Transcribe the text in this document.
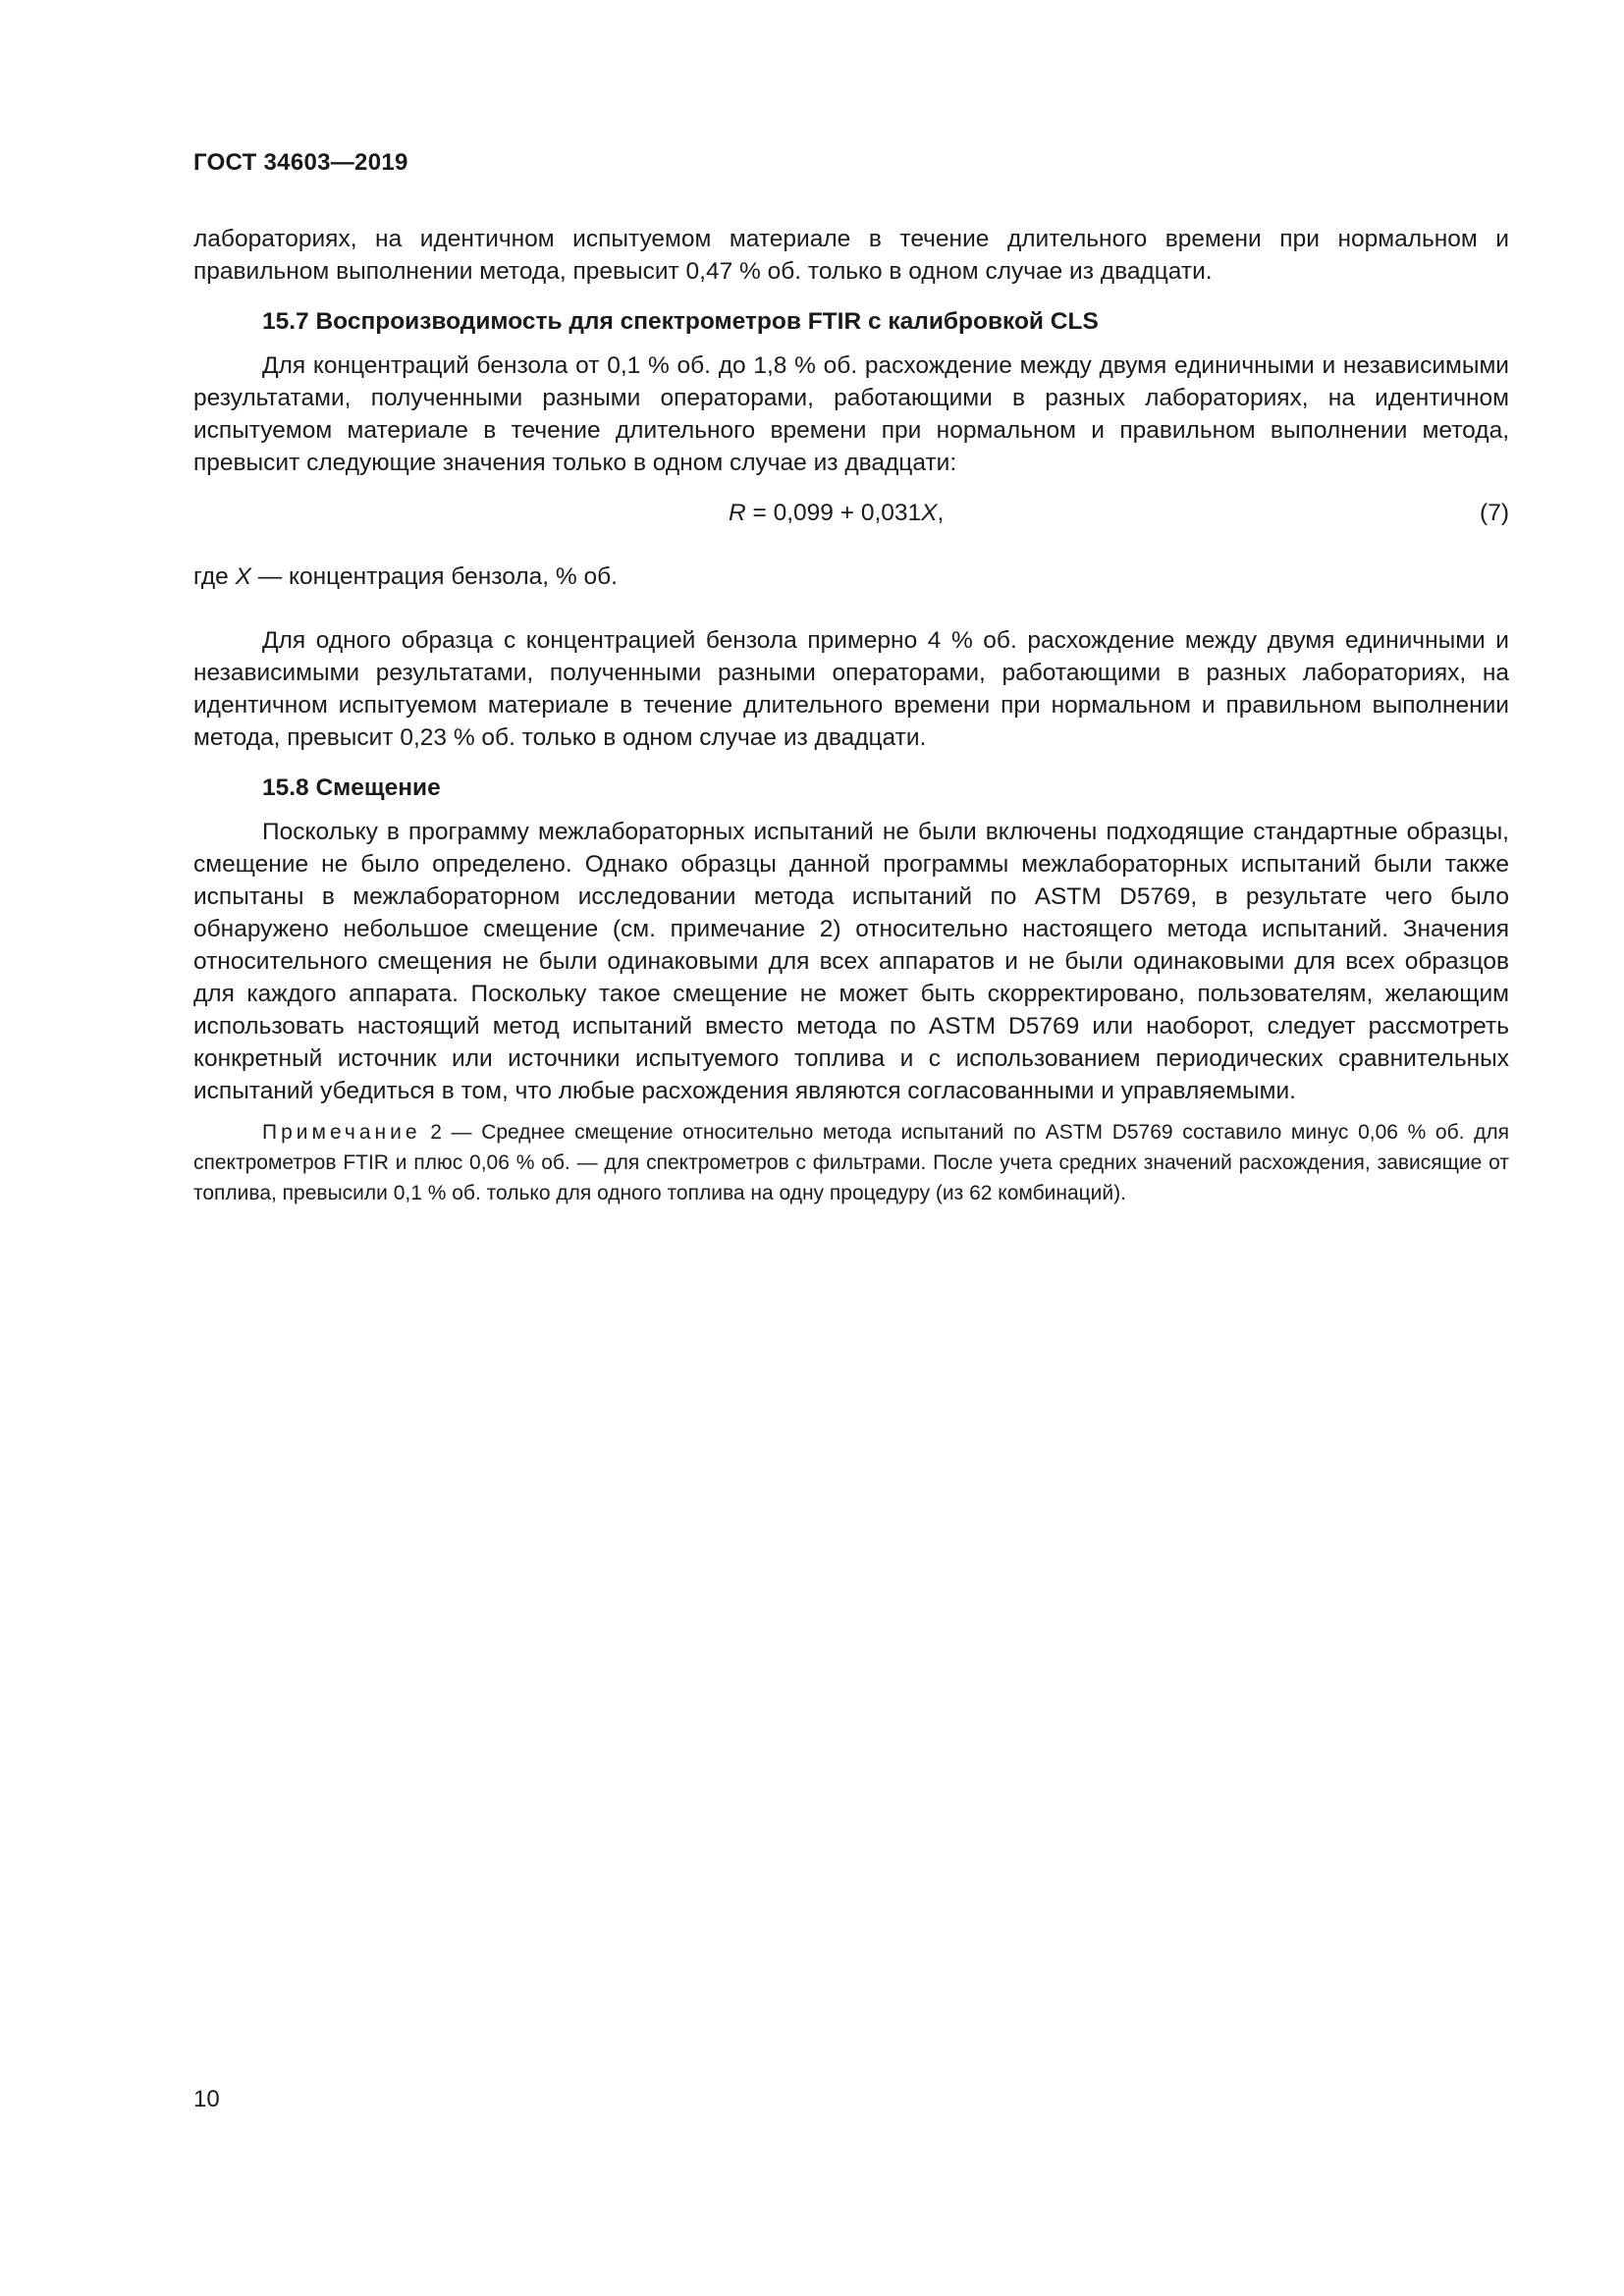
ГОСТ 34603—2019

лабораториях, на идентичном испытуемом материале в течение длительного времени при нормальном и правильном выполнении метода, превысит 0,47 % об. только в одном случае из двадцати.

15.7 Воспроизводимость для спектрометров FTIR с калибровкой CLS

Для концентраций бензола от 0,1 % об. до 1,8 % об. расхождение между двумя единичными и независимыми результатами, полученными разными операторами, работающими в разных лабораториях, на идентичном испытуемом материале в течение длительного времени при нормальном и правильном выполнении метода, превысит следующие значения только в одном случае из двадцати:

R = 0,099 + 0,031X,	(7)

где X — концентрация бензола, % об.

Для одного образца с концентрацией бензола примерно 4 % об. расхождение между двумя единичными и независимыми результатами, полученными разными операторами, работающими в разных лабораториях, на идентичном испытуемом материале в течение длительного времени при нормальном и правильном выполнении метода, превысит 0,23 % об. только в одном случае из двадцати.

15.8 Смещение

Поскольку в программу межлабораторных испытаний не были включены подходящие стандартные образцы, смещение не было определено. Однако образцы данной программы межлабораторных испытаний были также испытаны в межлабораторном исследовании метода испытаний по ASTM D5769, в результате чего было обнаружено небольшое смещение (см. примечание 2) относительно настоящего метода испытаний. Значения относительного смещения не были одинаковыми для всех аппаратов и не были одинаковыми для всех образцов для каждого аппарата. Поскольку такое смещение не может быть скорректировано, пользователям, желающим использовать настоящий метод испытаний вместо метода по ASTM D5769 или наоборот, следует рассмотреть конкретный источник или источники испытуемого топлива и с использованием периодических сравнительных испытаний убедиться в том, что любые расхождения являются согласованными и управляемыми.

Примечание 2 — Среднее смещение относительно метода испытаний по ASTM D5769 составило минус 0,06 % об. для спектрометров FTIR и плюс 0,06 % об. — для спектрометров с фильтрами. После учета средних значений расхождения, зависящие от топлива, превысили 0,1 % об. только для одного топлива на одну процедуру (из 62 комбинаций).

10
